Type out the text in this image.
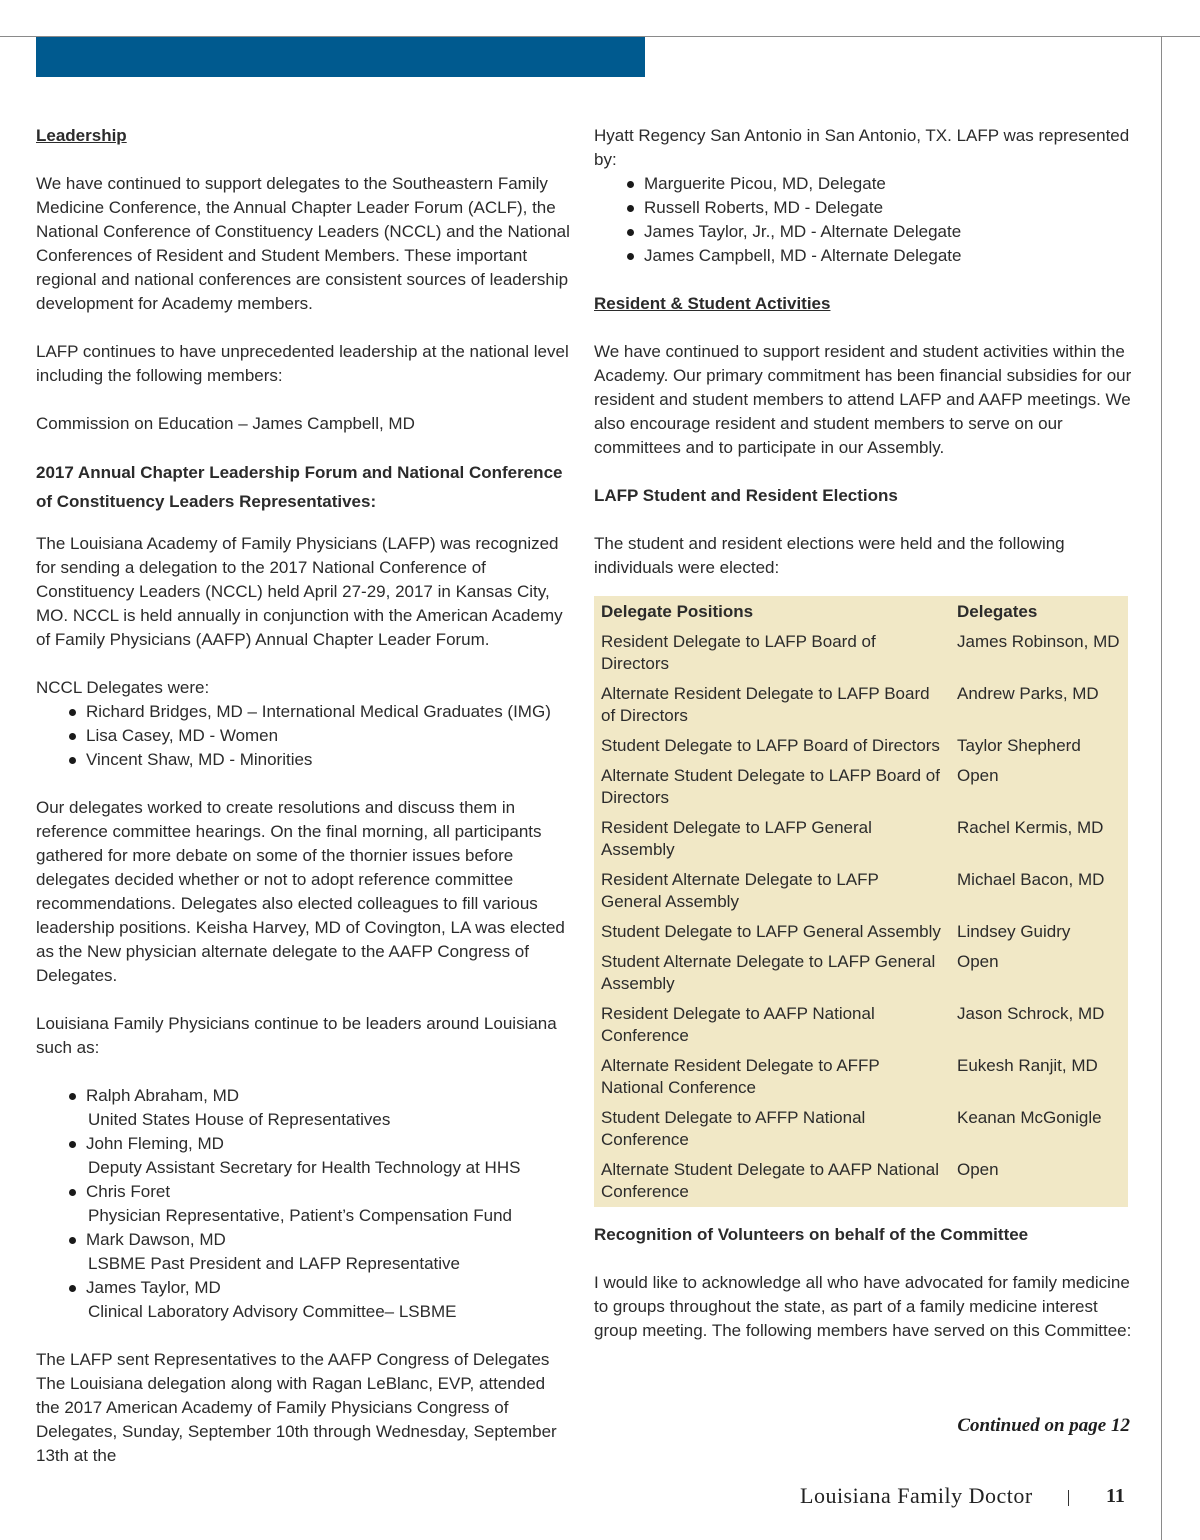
Leadership

We have continued to support delegates to the Southeastern Family Medicine Conference, the Annual Chapter Leader Forum (ACLF), the National Conference of Constituency Leaders (NCCL) and the National Conferences of Resident and Student Members. These important regional and national conferences are consistent sources of leadership development for Academy members.

LAFP continues to have unprecedented leadership at the national level including the following members:

Commission on Education – James Campbell, MD

2017 Annual Chapter Leadership Forum and National Conference of Constituency Leaders Representatives:

The Louisiana Academy of Family Physicians (LAFP) was recognized for sending a delegation to the 2017 National Conference of Constituency Leaders (NCCL) held April 27-29, 2017 in Kansas City, MO. NCCL is held annually in conjunction with the American Academy of Family Physicians (AAFP) Annual Chapter Leader Forum.

NCCL Delegates were:

Richard Bridges, MD – International Medical Graduates (IMG)
Lisa Casey, MD - Women
Vincent Shaw, MD - Minorities

Our delegates worked to create resolutions and discuss them in reference committee hearings. On the final morning, all participants gathered for more debate on some of the thornier issues before delegates decided whether or not to adopt reference committee recommendations. Delegates also elected colleagues to fill various leadership positions. Keisha Harvey, MD of Covington, LA was elected as the New physician alternate delegate to the AAFP Congress of Delegates.

Louisiana Family Physicians continue to be leaders around Louisiana such as:

Ralph Abraham, MD
United States House of Representatives
John Fleming, MD
Deputy Assistant Secretary for Health Technology at HHS
Chris Foret
Physician Representative, Patient’s Compensation Fund
Mark Dawson, MD
LSBME Past President and LAFP Representative
James Taylor, MD
Clinical Laboratory Advisory Committee– LSBME

The LAFP sent Representatives to the AAFP Congress of Delegates The Louisiana delegation along with Ragan LeBlanc, EVP, attended the 2017 American Academy of Family Physicians Congress of Delegates, Sunday, September 10th through Wednesday, September 13th at the

Hyatt Regency San Antonio in San Antonio, TX. LAFP was represented by:

Marguerite Picou, MD, Delegate
Russell Roberts, MD - Delegate
James Taylor, Jr., MD - Alternate Delegate
James Campbell, MD - Alternate Delegate

Resident & Student Activities

We have continued to support resident and student activities within the Academy. Our primary commitment has been financial subsidies for our resident and student members to attend LAFP and AAFP meetings. We also encourage resident and student members to serve on our committees and to participate in our Assembly.

LAFP Student and Resident Elections

The student and resident elections were held and the following individuals were elected:

Delegate Positions	Delegates
Resident Delegate to LAFP Board of Directors	James Robinson, MD
Alternate Resident Delegate to LAFP Board of Directors	Andrew Parks, MD
Student Delegate to LAFP Board of Directors	Taylor Shepherd
Alternate Student Delegate to LAFP Board of Directors	Open
Resident Delegate to LAFP General Assembly	Rachel Kermis, MD
Resident Alternate Delegate to LAFP General Assembly	Michael Bacon, MD
Student Delegate to LAFP General Assembly	Lindsey Guidry
Student Alternate Delegate to LAFP General Assembly	Open
Resident Delegate to AAFP National Conference	Jason Schrock, MD
Alternate Resident Delegate to AFFP National Conference	Eukesh Ranjit, MD
Student Delegate to AFFP National Conference	Keanan McGonigle
Alternate Student Delegate to AAFP National Conference	Open

Recognition of Volunteers on behalf of the Committee

I would like to acknowledge all who have advocated for family medicine to groups throughout the state, as part of a family medicine interest group meeting. The following members have served on this Committee:

Continued on page 12
Louisiana Family Doctor	11
